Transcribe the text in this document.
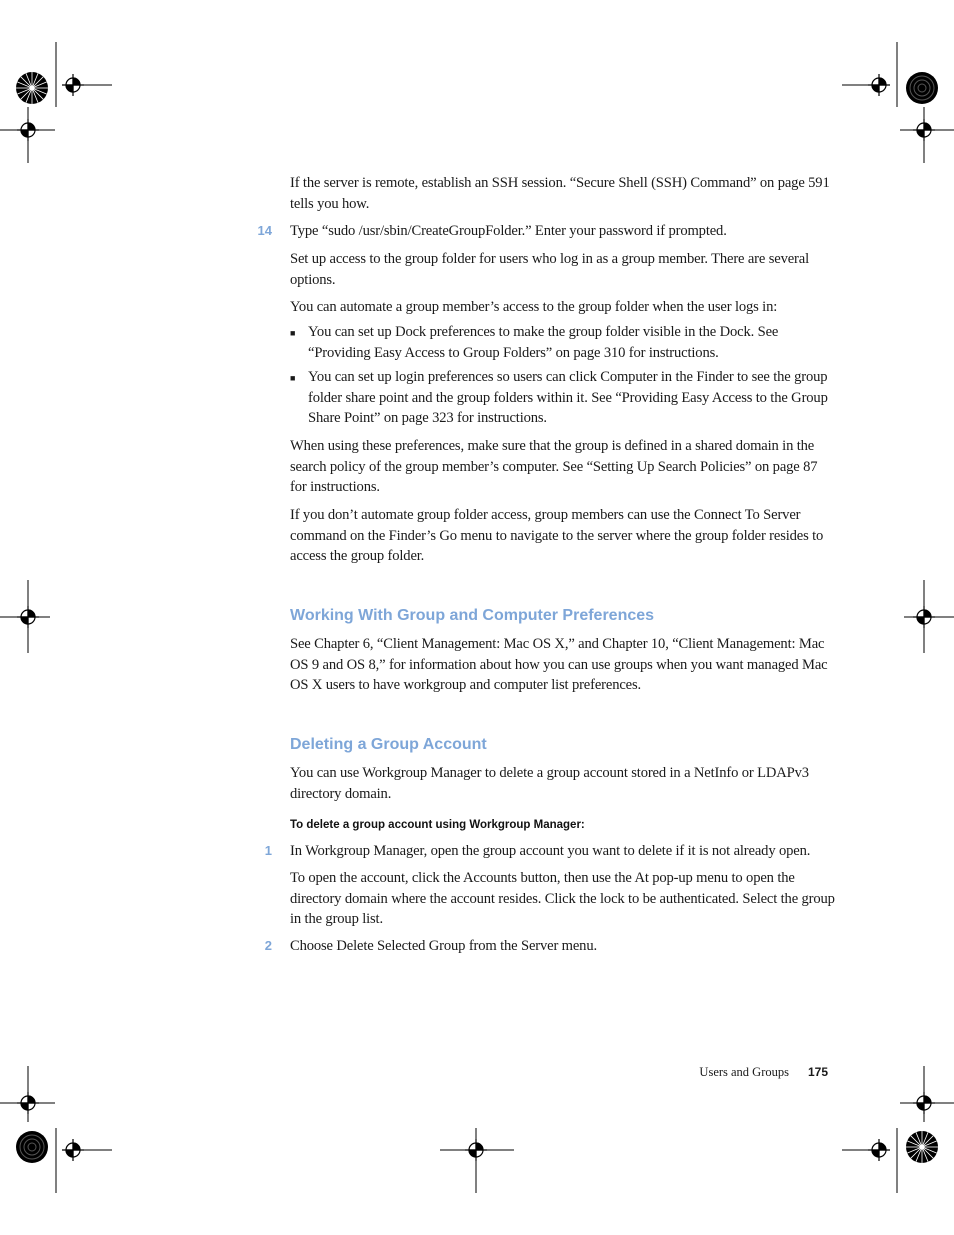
If the server is remote, establish an SSH session. “Secure Shell (SSH) Command” on page 591 tells you how.

14 Type “sudo /usr/sbin/CreateGroupFolder.” Enter your password if prompted.

Set up access to the group folder for users who log in as a group member. There are several options.

You can automate a group member’s access to the group folder when the user logs in:

■ You can set up Dock preferences to make the group folder visible in the Dock. See “Providing Easy Access to Group Folders” on page 310 for instructions.

■ You can set up login preferences so users can click Computer in the Finder to see the group folder share point and the group folders within it. See “Providing Easy Access to the Group Share Point” on page 323 for instructions.

When using these preferences, make sure that the group is defined in a shared domain in the search policy of the group member’s computer. See “Setting Up Search Policies” on page 87 for instructions.

If you don’t automate group folder access, group members can use the Connect To Server command on the Finder’s Go menu to navigate to the server where the group folder resides to access the group folder.

Working With Group and Computer Preferences

See Chapter 6, “Client Management: Mac OS X,” and Chapter 10, “Client Management: Mac OS 9 and OS 8,” for information about how you can use groups when you want managed Mac OS X users to have workgroup and computer list preferences.

Deleting a Group Account

You can use Workgroup Manager to delete a group account stored in a NetInfo or LDAPv3 directory domain.

To delete a group account using Workgroup Manager:
1 In Workgroup Manager, open the group account you want to delete if it is not already open.

To open the account, click the Accounts button, then use the At pop-up menu to open the directory domain where the account resides. Click the lock to be authenticated. Select the group in the group list.

2 Choose Delete Selected Group from the Server menu.

Users and Groups 175
